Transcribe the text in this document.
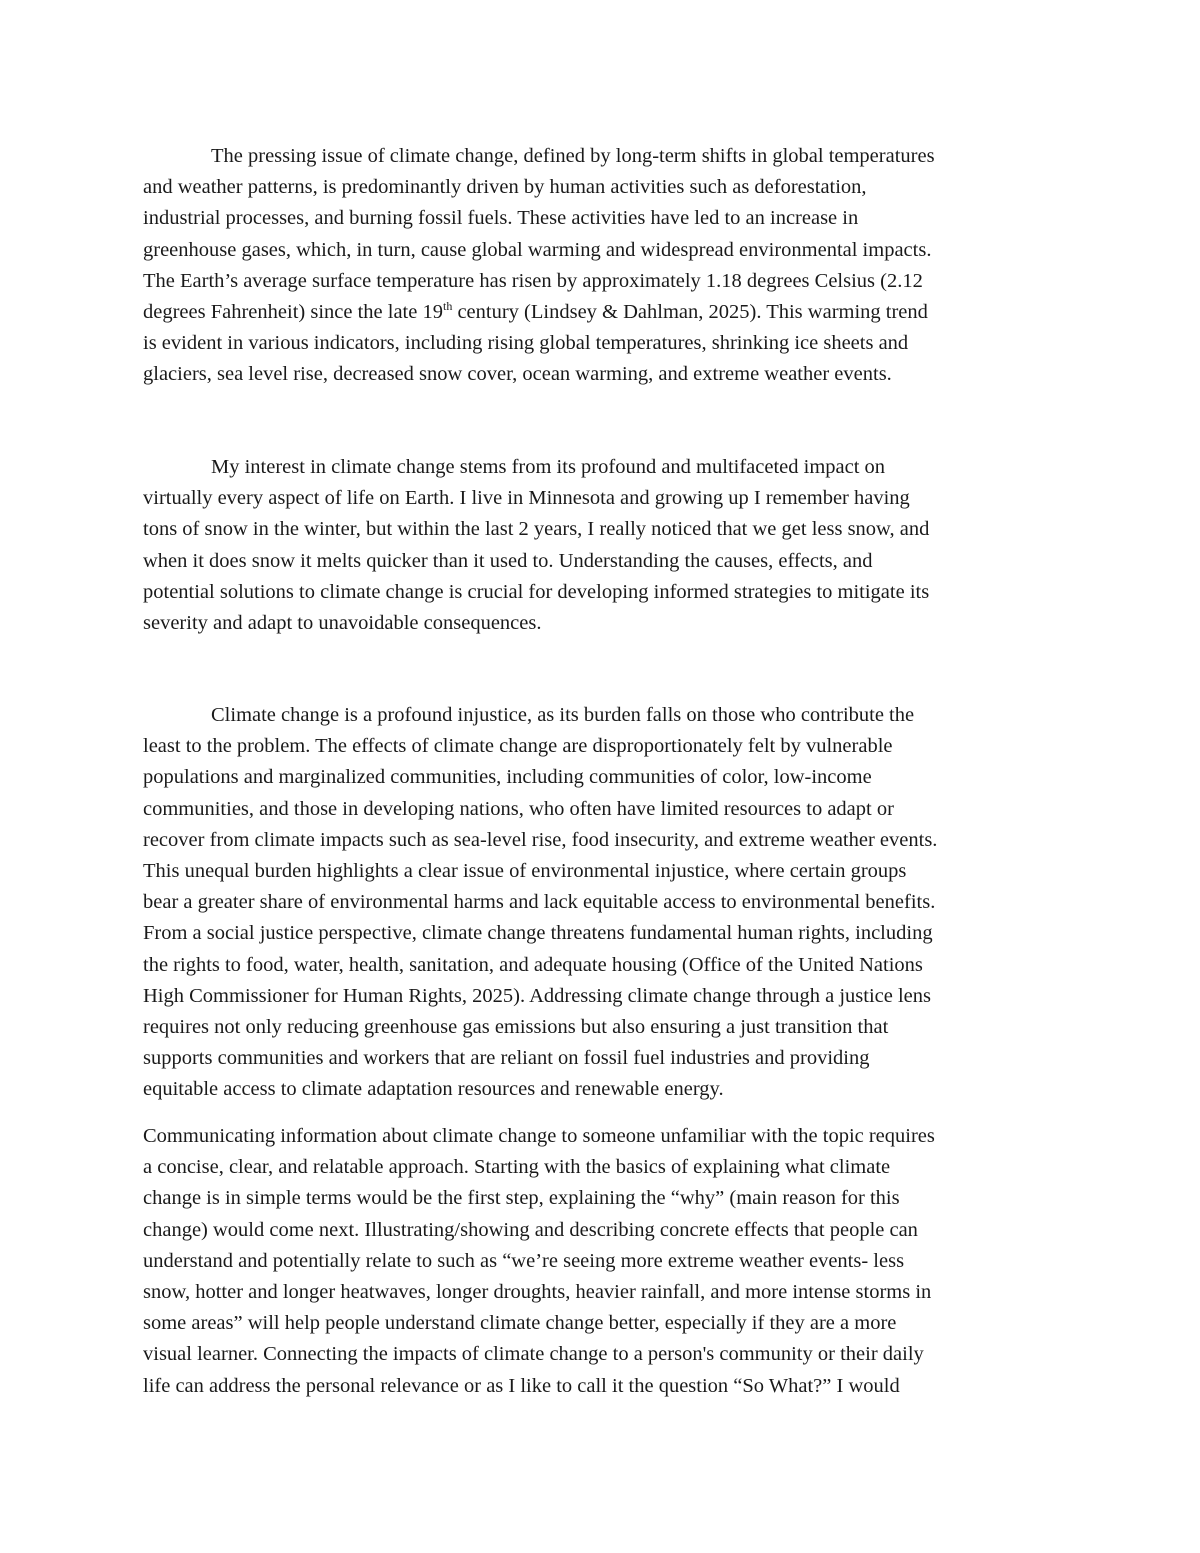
The pressing issue of climate change, defined by long-term shifts in global temperatures
and weather patterns, is predominantly driven by human activities such as deforestation,
industrial processes, and burning fossil fuels. These activities have led to an increase in
greenhouse gases, which, in turn, cause global warming and widespread environmental impacts.
The Earth’s average surface temperature has risen by approximately 1.18 degrees Celsius (2.12
degrees Fahrenheit) since the late 19th century (Lindsey & Dahlman, 2025). This warming trend
is evident in various indicators, including rising global temperatures, shrinking ice sheets and
glaciers, sea level rise, decreased snow cover, ocean warming, and extreme weather events.

My interest in climate change stems from its profound and multifaceted impact on
virtually every aspect of life on Earth. I live in Minnesota and growing up I remember having
tons of snow in the winter, but within the last 2 years, I really noticed that we get less snow, and
when it does snow it melts quicker than it used to. Understanding the causes, effects, and
potential solutions to climate change is crucial for developing informed strategies to mitigate its
severity and adapt to unavoidable consequences.

Climate change is a profound injustice, as its burden falls on those who contribute the
least to the problem. The effects of climate change are disproportionately felt by vulnerable
populations and marginalized communities, including communities of color, low-income
communities, and those in developing nations, who often have limited resources to adapt or
recover from climate impacts such as sea-level rise, food insecurity, and extreme weather events.
This unequal burden highlights a clear issue of environmental injustice, where certain groups
bear a greater share of environmental harms and lack equitable access to environmental benefits.
From a social justice perspective, climate change threatens fundamental human rights, including
the rights to food, water, health, sanitation, and adequate housing (Office of the United Nations
High Commissioner for Human Rights, 2025). Addressing climate change through a justice lens
requires not only reducing greenhouse gas emissions but also ensuring a just transition that
supports communities and workers that are reliant on fossil fuel industries and providing
equitable access to climate adaptation resources and renewable energy.

Communicating information about climate change to someone unfamiliar with the topic requires
a concise, clear, and relatable approach. Starting with the basics of explaining what climate
change is in simple terms would be the first step, explaining the “why” (main reason for this
change) would come next. Illustrating/showing and describing concrete effects that people can
understand and potentially relate to such as “we’re seeing more extreme weather events- less
snow, hotter and longer heatwaves, longer droughts, heavier rainfall, and more intense storms in
some areas” will help people understand climate change better, especially if they are a more
visual learner. Connecting the impacts of climate change to a person's community or their daily
life can address the personal relevance or as I like to call it the question “So What?” I would
